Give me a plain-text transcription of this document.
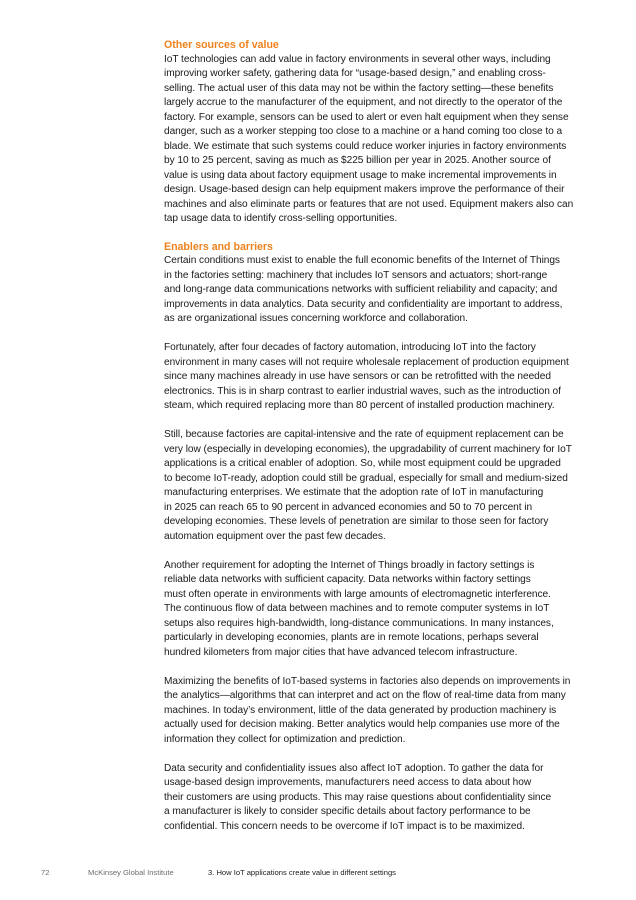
Other sources of value

IoT technologies can add value in factory environments in several other ways, including
improving worker safety, gathering data for “usage-based design,” and enabling cross-
selling. The actual user of this data may not be within the factory setting—these benefits
largely accrue to the manufacturer of the equipment, and not directly to the operator of the
factory. For example, sensors can be used to alert or even halt equipment when they sense
danger, such as a worker stepping too close to a machine or a hand coming too close to a
blade. We estimate that such systems could reduce worker injuries in factory environments
by 10 to 25 percent, saving as much as $225 billion per year in 2025. Another source of
value is using data about factory equipment usage to make incremental improvements in
design. Usage-based design can help equipment makers improve the performance of their
machines and also eliminate parts or features that are not used. Equipment makers also can
tap usage data to identify cross-selling opportunities.

Enablers and barriers

Certain conditions must exist to enable the full economic benefits of the Internet of Things
in the factories setting: machinery that includes IoT sensors and actuators; short-range
and long-range data communications networks with sufficient reliability and capacity; and
improvements in data analytics. Data security and confidentiality are important to address,
as are organizational issues concerning workforce and collaboration.

Fortunately, after four decades of factory automation, introducing IoT into the factory
environment in many cases will not require wholesale replacement of production equipment
since many machines already in use have sensors or can be retrofitted with the needed
electronics. This is in sharp contrast to earlier industrial waves, such as the introduction of
steam, which required replacing more than 80 percent of installed production machinery.

Still, because factories are capital-intensive and the rate of equipment replacement can be
very low (especially in developing economies), the upgradability of current machinery for IoT
applications is a critical enabler of adoption. So, while most equipment could be upgraded
to become IoT-ready, adoption could still be gradual, especially for small and medium-sized
manufacturing enterprises. We estimate that the adoption rate of IoT in manufacturing
in 2025 can reach 65 to 90 percent in advanced economies and 50 to 70 percent in
developing economies. These levels of penetration are similar to those seen for factory
automation equipment over the past few decades.

Another requirement for adopting the Internet of Things broadly in factory settings is
reliable data networks with sufficient capacity. Data networks within factory settings
must often operate in environments with large amounts of electromagnetic interference.
The continuous flow of data between machines and to remote computer systems in IoT
setups also requires high-bandwidth, long-distance communications. In many instances,
particularly in developing economies, plants are in remote locations, perhaps several
hundred kilometers from major cities that have advanced telecom infrastructure.

Maximizing the benefits of IoT-based systems in factories also depends on improvements in
the analytics—algorithms that can interpret and act on the flow of real-time data from many
machines. In today’s environment, little of the data generated by production machinery is
actually used for decision making. Better analytics would help companies use more of the
information they collect for optimization and prediction.

Data security and confidentiality issues also affect IoT adoption. To gather the data for
usage-based design improvements, manufacturers need access to data about how
their customers are using products. This may raise questions about confidentiality since
a manufacturer is likely to consider specific details about factory performance to be
confidential. This concern needs to be overcome if IoT impact is to be maximized.

72	McKinsey Global Institute	3. How IoT applications create value in different settings
